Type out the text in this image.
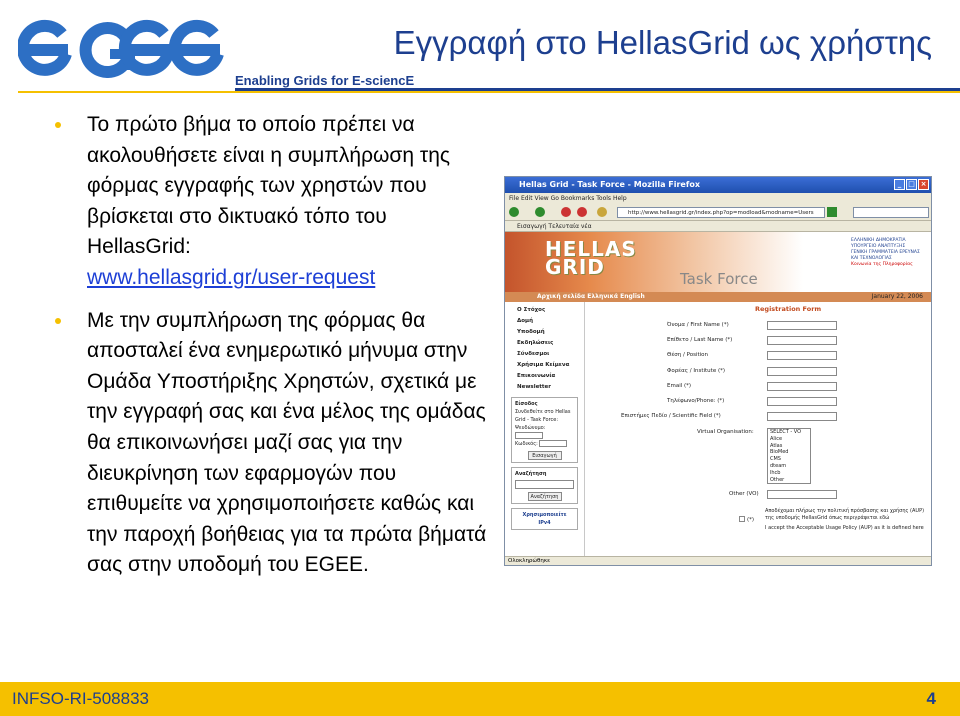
Enabling Grids for E-sciencE
Εγγραφή στο HellasGrid ως χρήστης
Το πρώτο βήμα το οποίο πρέπει να ακολουθήσετε είναι η συμπλήρωση της φόρμας εγγραφής των χρηστών που βρίσκεται στο δικτυακό τόπο του HellasGrid:
www.hellasgrid.gr/user-request
Με την συμπλήρωση της φόρμας θα αποσταλεί ένα ενημερωτικό μήνυμα στην Ομάδα Υποστήριξης Χρηστών, σχετικά με την εγγραφή σας και ένα μέλος της ομάδας θα επικοινωνήσει μαζί σας για την διευκρίνηση των εφαρμογών που επιθυμείτε να χρησιμοποιήσετε καθώς και την παροχή βοήθειας για τα πρώτα βήματά σας στην υποδομή του EGEE.
Hellas Grid - Task Force - Mozilla Firefox	_ □ ×
File Edit View Go Bookmarks Tools Help
http://www.hellasgrid.gr/index.php?op=modload&modname=Users
Εισαγωγή Τελευταία νέα
HELLAS
GRID	Task Force
ΕΛΛΗΝΙΚΗ ΔΗΜΟΚΡΑΤΙΑ
ΥΠΟΥΡΓΕΙΟ ΑΝΑΠΤΥΞΗΣ
ΓΕΝΙΚΗ ΓΡΑΜΜΑΤΕΙΑ ΕΡΕΥΝΑΣ
ΚΑΙ ΤΕΧΝΟΛΟΓΙΑΣ
Κοινωνία της Πληροφορίας
Αρχική σελίδα Ελληνικά English	January 22, 2006
Ο Στόχος
Δομή
Υποδομή
Εκδηλώσεις
Σύνδεσμοι
Χρήσιμα Κείμενα
Επικοινωνία
Newsletter
Είσοδος
Συνδεθείτε στο Hellas Grid - Task Force:
Ψευδώνυμο:
Κωδικός:
Εισαγωγή
Αναζήτηση
Αναζήτηση
Χρησιμοποιείτε
IPv4
Registration Form
Όνομα / First Name (*)
Επίθετο / Last Name (*)
Θέση / Position
Φορέας / Institute (*)
Email (*)
Τηλέφωνο/Phone: (*)
Επιστήμες Πεδίο / Scientific Field (*)
Virtual Organisation:	SELECT - VO
Alice
Atlas
BioMed
CMS
dteam
lhcb
Other
Other (VO)
(*)
Αποδέχομαι πλήρως την πολιτική πρόσβασης και χρήσης (AUP) της υποδομής HellasGrid όπως περιγράφεται εδώ
I accept the Acceptable Usage Policy (AUP) as it is defined here
Ολοκληρώθηκε
INFSO-RI-508833	4
